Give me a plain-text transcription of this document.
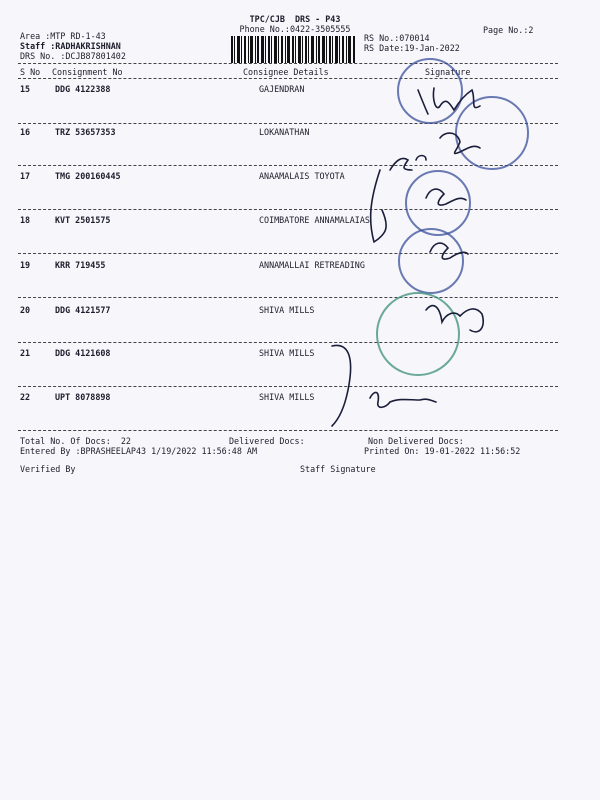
TPC/CJB  DRS - P43
Phone No.:0422-3505555	Page No.:2
Area :MTP RD-1-43
Staff :RADHAKRISHNAN
DRS No. :DCJB87801402
RS No.:070014
RS Date:19-Jan-2022
S No Consignment No	Consignee Details	Signature
15	DDG 4122388	GAJENDRAN
16	TRZ 53657353	LOKANATHAN
17	TMG 200160445	ANAAMALAIS TOYOTA
18	KVT 2501575	COIMBATORE ANNAMALAIAS
19	KRR 719455	ANNAMALLAI RETREADING
20	DDG 4121577	SHIVA MILLS
21	DDG 4121608	SHIVA MILLS
22	UPT 8078898	SHIVA MILLS
Total No. Of Docs:  22	Delivered Docs:	Non Delivered Docs:
Entered By :BPRASHEELAP43 1/19/2022 11:56:48 AM	Printed On: 19-01-2022 11:56:52
Verified By	Staff Signature
